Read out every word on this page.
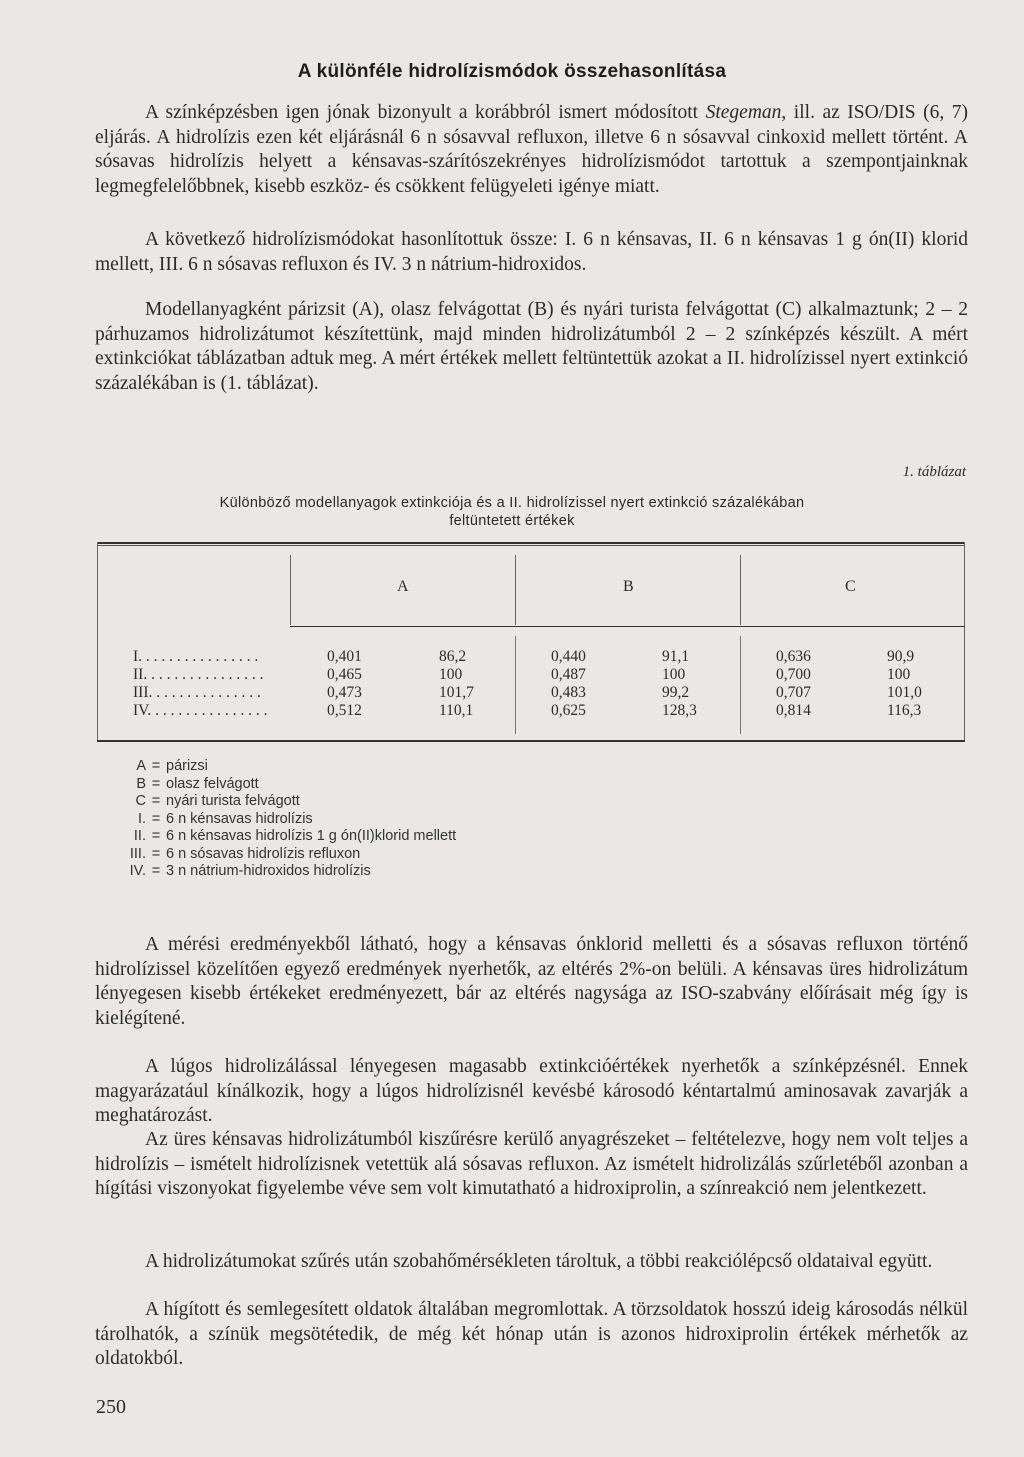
A különféle hidrolízismódok összehasonlítása

A színképzésben igen jónak bizonyult a korábbról ismert módosított Stegeman, ill. az ISO/DIS (6, 7) eljárás. A hidrolízis ezen két eljárásnál 6 n sósavval refluxon, illetve 6 n sósavval cinkoxid mellett történt. A sósavas hidrolízis helyett a kénsavas-szárítószekrényes hidrolízismódot tartottuk a szempontjainknak legmegfelelőbbnek, kisebb eszköz- és csökkent felügyeleti igénye miatt.

A következő hidrolízismódokat hasonlítottuk össze: I. 6 n kénsavas, II. 6 n kénsavas 1 g ón(II) klorid mellett, III. 6 n sósavas refluxon és IV. 3 n nátrium-hidroxidos.

Modellanyagként párizsit (A), olasz felvágottat (B) és nyári turista felvágottat (C) alkalmaztunk; 2 – 2 párhuzamos hidrolizátumot készítettünk, majd minden hidrolizátumból 2 – 2 színképzés készült. A mért extinkciókat táblázatban adtuk meg. A mért értékek mellett feltüntettük azokat a II. hidrolízissel nyert extinkció százalékában is (1. táblázat).

1. táblázat
Különböző modellanyagok extinkciója és a II. hidrolízissel nyert extinkció százalékában
feltüntetett értékek
A	B	C
I. . . . . . . . . . . . . . . .	0,401	86,2	0,440	91,1	0,636	90,9
II. . . . . . . . . . . . . . . .	0,465	100	0,487	100	0,700	100
III. . . . . . . . . . . . . . .	0,473	101,7	0,483	99,2	0,707	101,0
IV. . . . . . . . . . . . . . . .	0,512	110,1	0,625	128,3	0,814	116,3
A = párizsi
B = olasz felvágott
C = nyári turista felvágott
I. = 6 n kénsavas hidrolízis
II. = 6 n kénsavas hidrolízis 1 g ón(II)klorid mellett
III. = 6 n sósavas hidrolízis refluxon
IV. = 3 n nátrium-hidroxidos hidrolízis

A mérési eredményekből látható, hogy a kénsavas ónklorid melletti és a sósavas refluxon történő hidrolízissel közelítően egyező eredmények nyerhetők, az eltérés 2%-on belüli. A kénsavas üres hidrolizátum lényegesen kisebb értékeket eredményezett, bár az eltérés nagysága az ISO-szabvány előírásait még így is kielégítené.

A lúgos hidrolizálással lényegesen magasabb extinkcióértékek nyerhetők a színképzésnél. Ennek magyarázatául kínálkozik, hogy a lúgos hidrolízisnél kevésbé károsodó kéntartalmú aminosavak zavarják a meghatározást.

Az üres kénsavas hidrolizátumból kiszűrésre kerülő anyagrészeket – feltételezve, hogy nem volt teljes a hidrolízis – ismételt hidrolízisnek vetettük alá sósavas refluxon. Az ismételt hidrolizálás szűrletéből azonban a hígítási viszonyokat figyelembe véve sem volt kimutatható a hidroxiprolin, a színreakció nem jelentkezett.

A hidrolizátumokat szűrés után szobahőmérsékleten tároltuk, a többi reakciólépcső oldataival együtt.

A hígított és semlegesített oldatok általában megromlottak. A törzsoldatok hosszú ideig károsodás nélkül tárolhatók, a színük megsötétedik, de még két hónap után is azonos hidroxiprolin értékek mérhetők az oldatokból.

250
